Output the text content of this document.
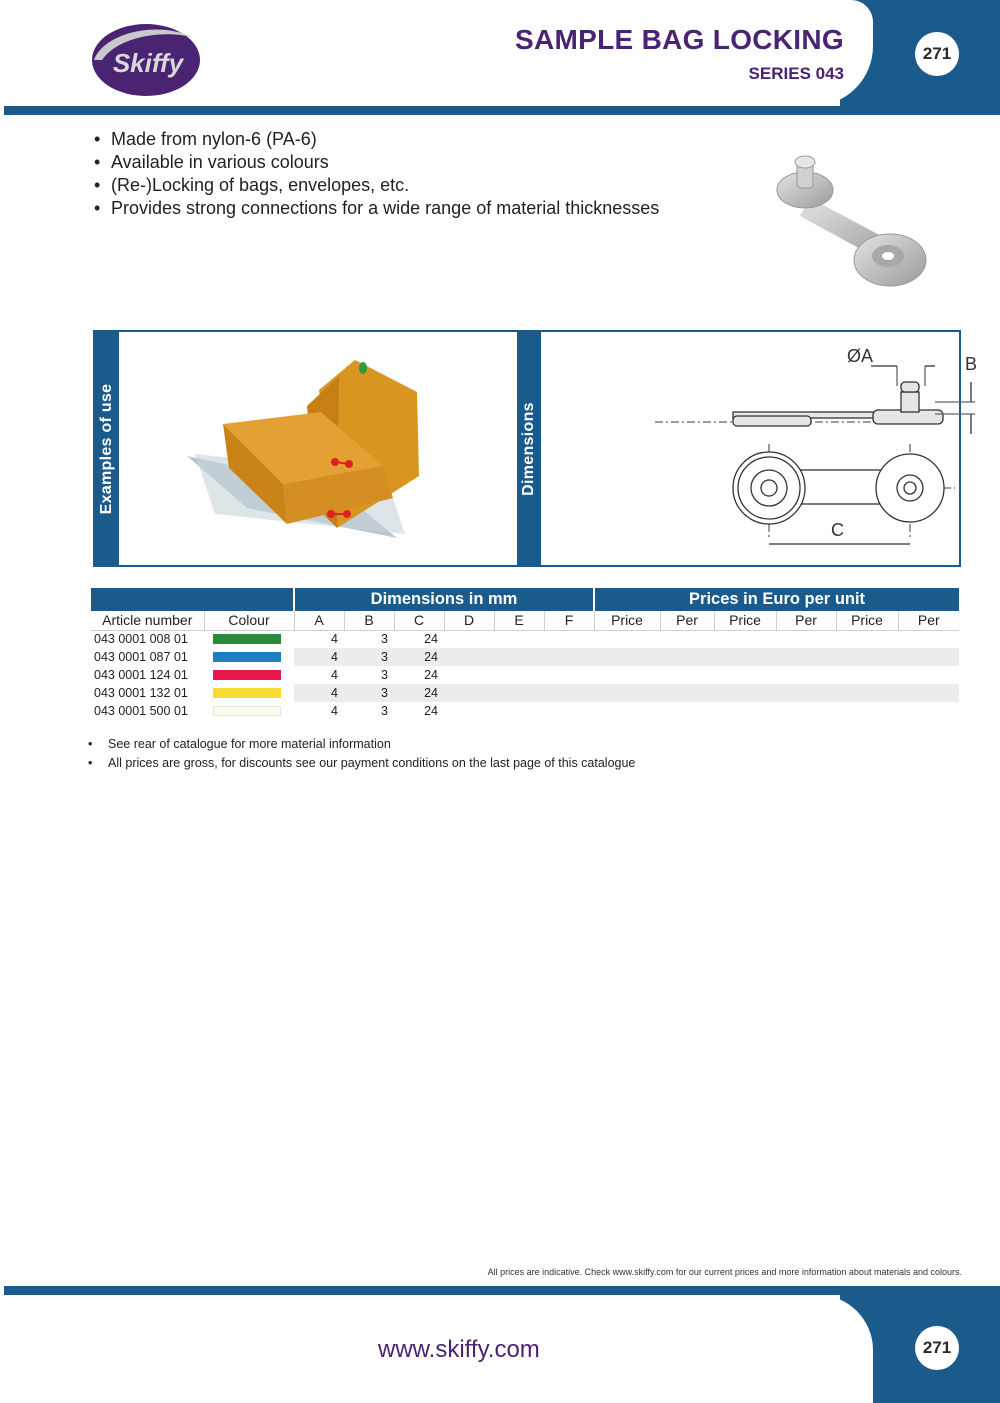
Skiffy
SAMPLE BAG LOCKING
SERIES 043
271
• Made from nylon-6 (PA-6)
• Available in various colours
• (Re-)Locking of bags, envelopes, etc.
• Provides strong connections for a wide range of material thicknesses
Examples of use	Dimensions
ØA	B
C
		Dimensions in mm						Prices in Euro per unit					
Article number	Colour	A	B	C	D	E	F	Price	Per	Price	Per	Price	Per
043 0001 008 01		4	3	24									
043 0001 087 01		4	3	24									
043 0001 124 01		4	3	24									
043 0001 132 01		4	3	24									
043 0001 500 01		4	3	24									
• See rear of catalogue for more material information
• All prices are gross, for discounts see our payment conditions on the last page of this catalogue
All prices are indicative. Check www.skiffy.com for our current prices and more information about materials and colours.
www.skiffy.com	271
